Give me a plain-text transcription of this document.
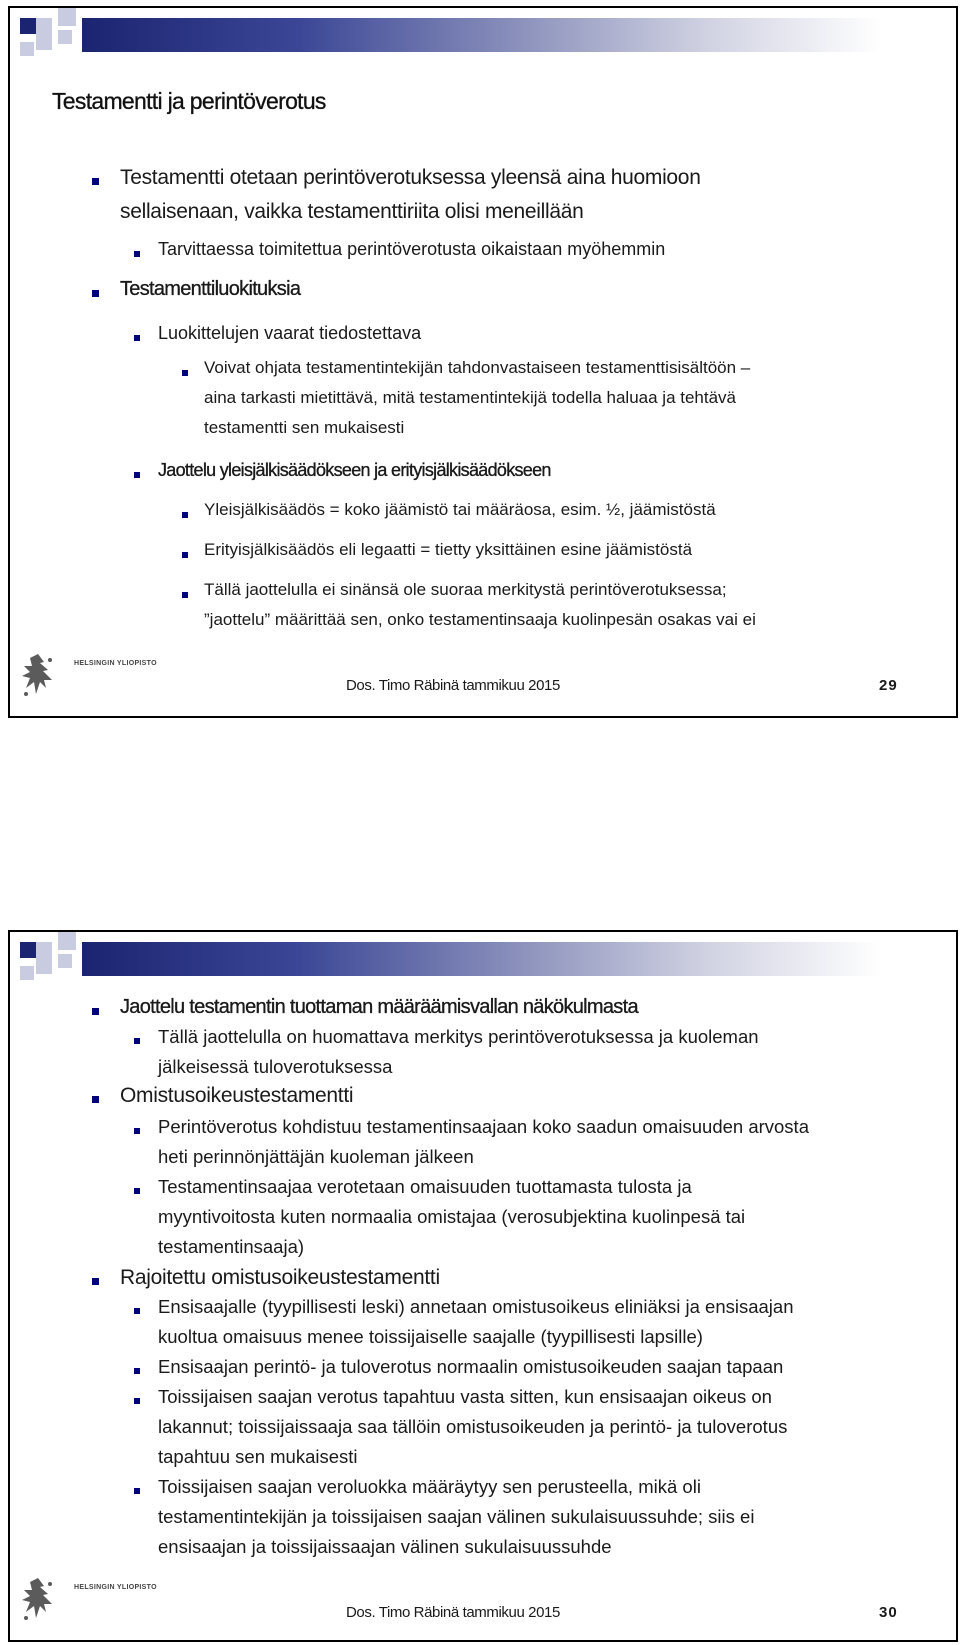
Testamentti ja perintöverotus
Testamentti otetaan perintöverotuksessa yleensä aina huomioon
sellaisenaan, vaikka testamenttiriita olisi meneillään
Tarvittaessa toimitettua perintöverotusta oikaistaan myöhemmin
Testamenttiluokituksia
Luokittelujen vaarat tiedostettava
Voivat ohjata testamentintekijän tahdonvastaiseen testamenttisisältöön –
aina tarkasti mietittävä, mitä testamentintekijä todella haluaa ja tehtävä
testamentti sen mukaisesti
Jaottelu yleisjälkisäädökseen ja erityisjälkisäädökseen
Yleisjälkisäädös = koko jäämistö tai määräosa, esim. ½, jäämistöstä
Erityisjälkisäädös eli legaatti = tietty yksittäinen esine jäämistöstä
Tällä jaottelulla ei sinänsä ole suoraa merkitystä perintöverotuksessa;
”jaottelu” määrittää sen, onko testamentinsaaja kuolinpesän osakas vai ei
HELSINGIN YLIOPISTO
Dos. Timo Räbinä tammikuu 2015	29
Jaottelu testamentin tuottaman määräämisvallan näkökulmasta
Tällä jaottelulla on huomattava merkitys perintöverotuksessa ja kuoleman
jälkeisessä tuloverotuksessa
Omistusoikeustestamentti
Perintöverotus kohdistuu testamentinsaajaan koko saadun omaisuuden arvosta
heti perinnönjättäjän kuoleman jälkeen
Testamentinsaajaa verotetaan omaisuuden tuottamasta tulosta ja
myyntivoitosta kuten normaalia omistajaa (verosubjektina kuolinpesä tai
testamentinsaaja)
Rajoitettu omistusoikeustestamentti
Ensisaajalle (tyypillisesti leski) annetaan omistusoikeus eliniäksi ja ensisaajan
kuoltua omaisuus menee toissijaiselle saajalle (tyypillisesti lapsille)
Ensisaajan perintö- ja tuloverotus normaalin omistusoikeuden saajan tapaan
Toissijaisen saajan verotus tapahtuu vasta sitten, kun ensisaajan oikeus on
lakannut; toissijaissaaja saa tällöin omistusoikeuden ja perintö- ja tuloverotus
tapahtuu sen mukaisesti
Toissijaisen saajan veroluokka määräytyy sen perusteella, mikä oli
testamentintekijän ja toissijaisen saajan välinen sukulaisuussuhde; siis ei
ensisaajan ja toissijaissaajan välinen sukulaisuussuhde
HELSINGIN YLIOPISTO
Dos. Timo Räbinä tammikuu 2015	30
